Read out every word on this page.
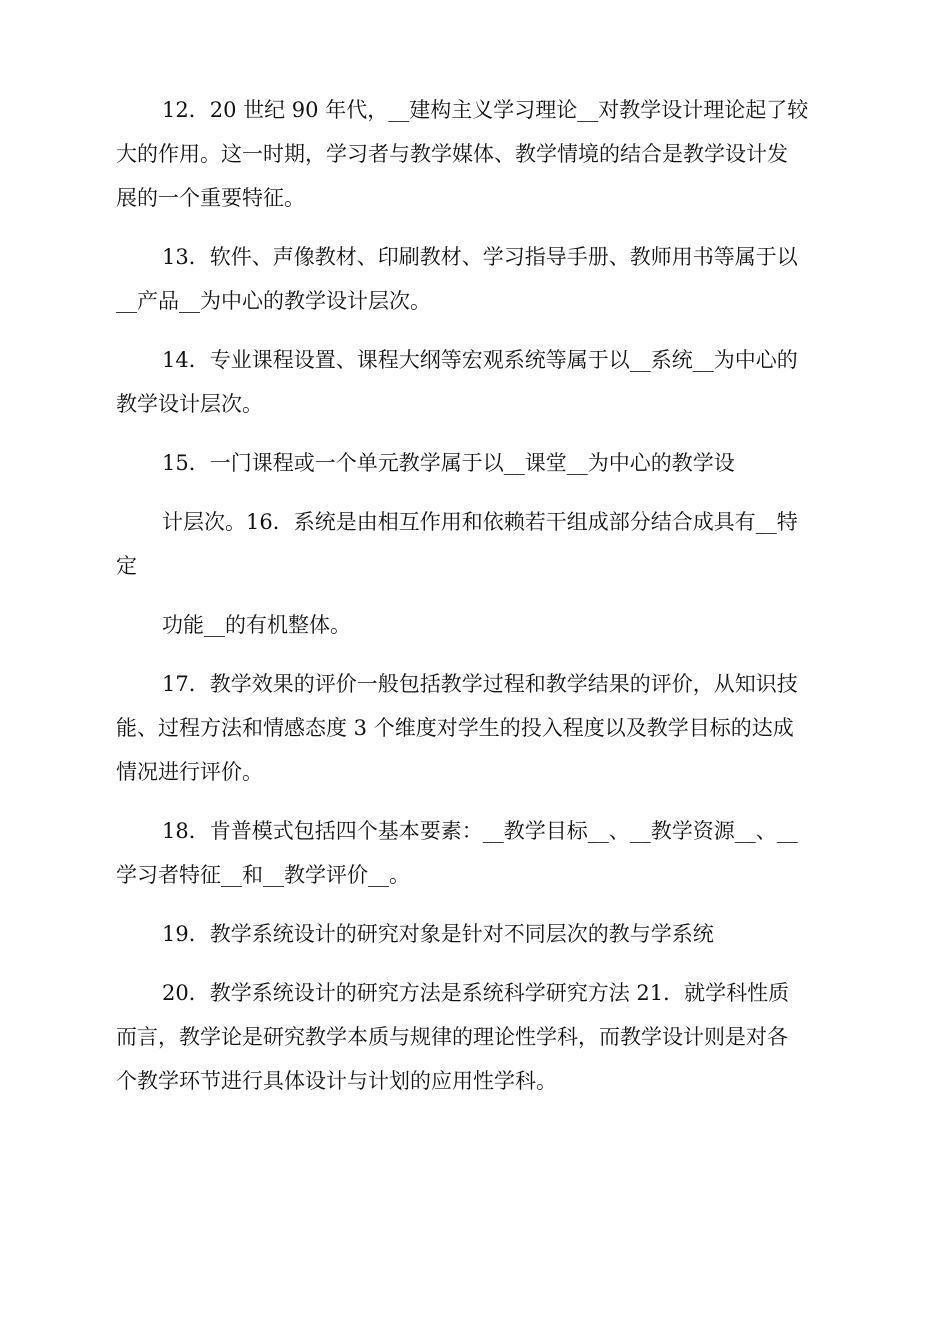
12．20 世纪 90 年代，__建构主义学习理论__对教学设计理论起了较
大的作用。这一时期，学习者与教学媒体、教学情境的结合是教学设计发
展的一个重要特征。
13．软件、声像教材、印刷教材、学习指导手册、教师用书等属于以
__产品__为中心的教学设计层次。
14．专业课程设置、课程大纲等宏观系统等属于以__系统__为中心的
教学设计层次。
15．一门课程或一个单元教学属于以__课堂__为中心的教学设
计层次。16．系统是由相互作用和依赖若干组成部分结合成具有__特
定
功能__的有机整体。
17．教学效果的评价一般包括教学过程和教学结果的评价，从知识技
能、过程方法和情感态度 3 个维度对学生的投入程度以及教学目标的达成
情况进行评价。
18．肯普模式包括四个基本要素：__教学目标__、__教学资源__、__
学习者特征__和__教学评价__。
19．教学系统设计的研究对象是针对不同层次的教与学系统
20．教学系统设计的研究方法是系统科学研究方法 21．就学科性质
而言，教学论是研究教学本质与规律的理论性学科，而教学设计则是对各
个教学环节进行具体设计与计划的应用性学科。
